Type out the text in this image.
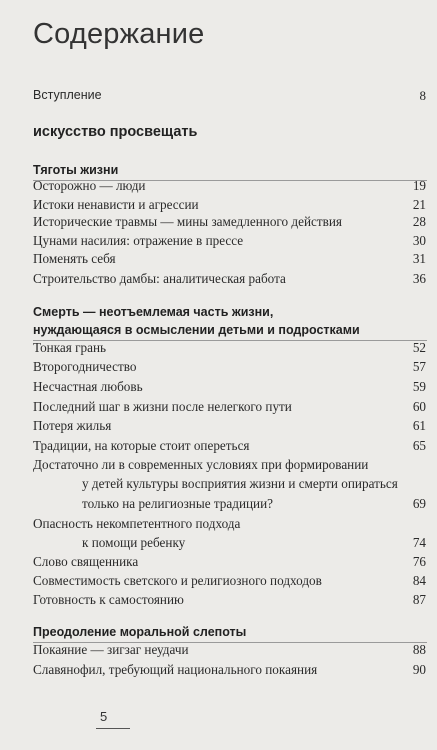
Содержание
Вступление	8
искусство просвещать
Тяготы жизни
Осторожно — люди	19
Истоки ненависти и агрессии	21
Исторические травмы — мины замедленного действия	28
Цунами насилия: отражение в прессе	30
Поменять себя	31
Строительство дамбы: аналитическая работа	36
Смерть — неотъемлемая часть жизни,
нуждающаяся в осмыслении детьми и подростками
Тонкая грань	52
Второгодничество	57
Несчастная любовь	59
Последний шаг в жизни после нелегкого пути	60
Потеря жилья	61
Традиции, на которые стоит опереться	65
Достаточно ли в современных условиях при формировании
у детей культуры восприятия жизни и смерти опираться
только на религиозные традиции?	69
Опасность некомпетентного подхода
к помощи ребенку	74
Слово священника	76
Совместимость светского и религиозного подходов	84
Готовность к самостоянию	87
Преодоление моральной слепоты
Покаяние — зигзаг неудачи	88
Славянофил, требующий национального покаяния	90
5
